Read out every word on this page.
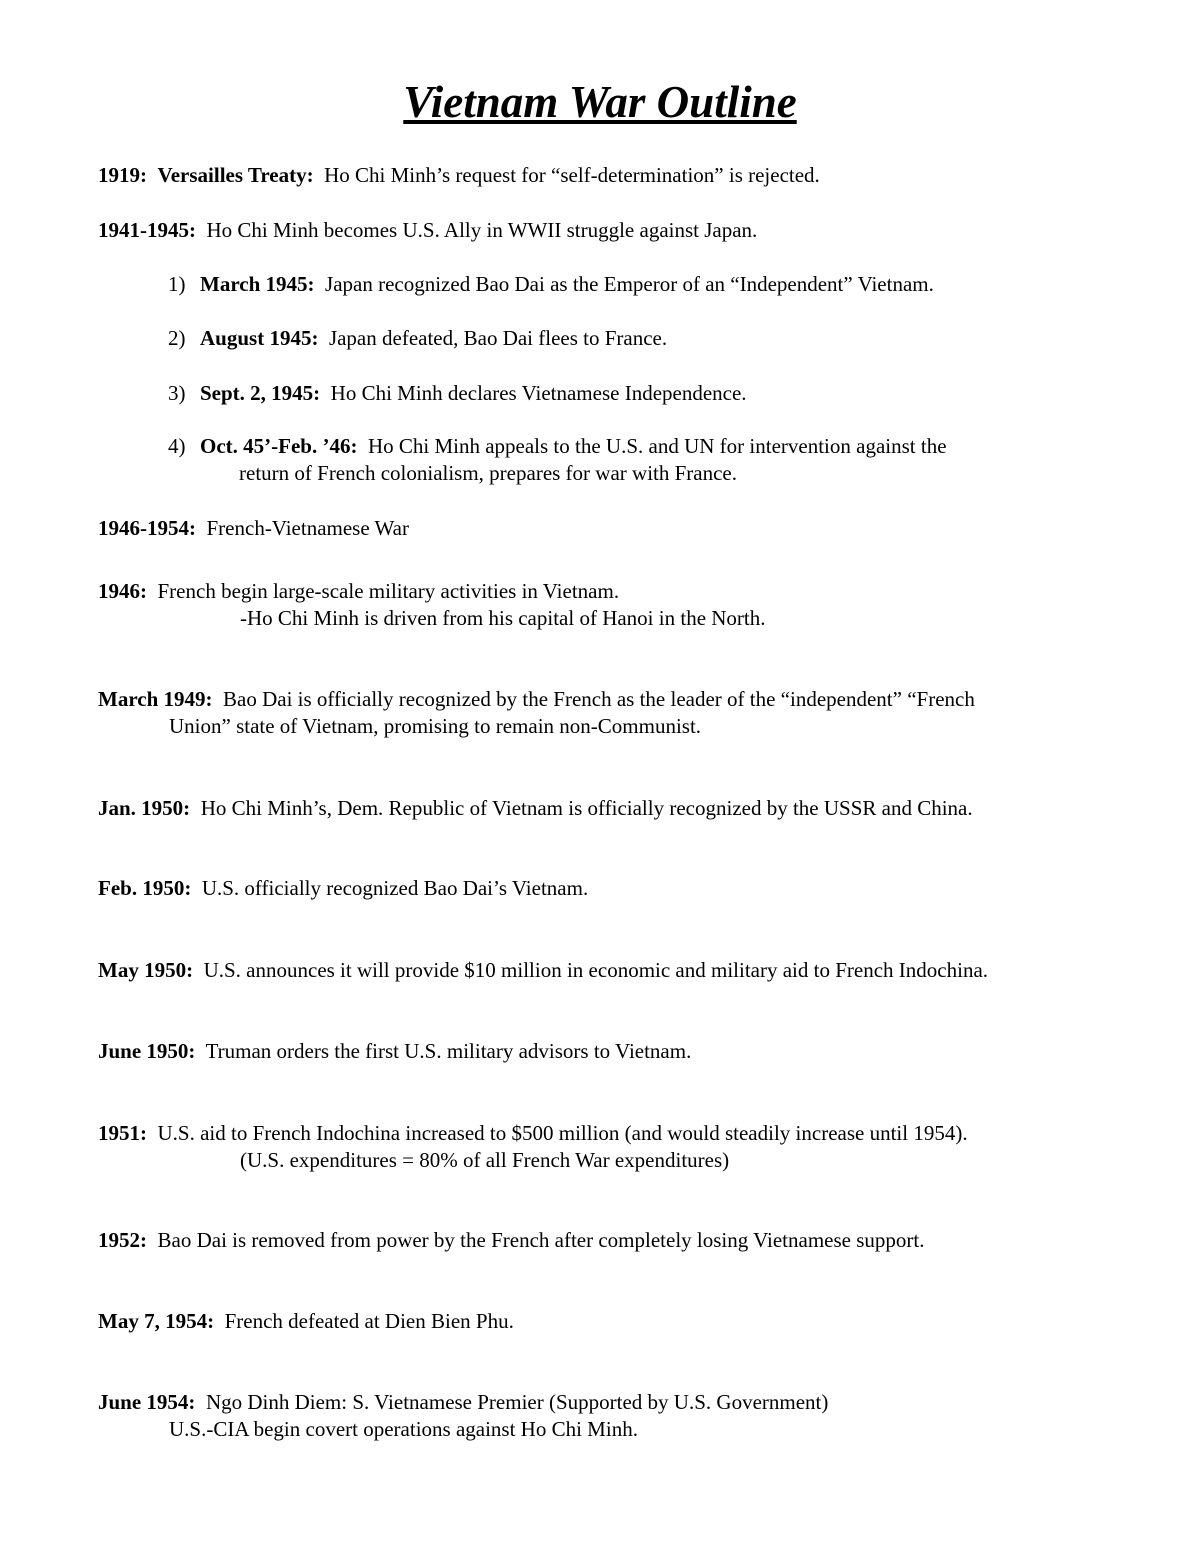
Vietnam War Outline
1919: Versailles Treaty: Ho Chi Minh’s request for “self-determination” is rejected.
1941-1945: Ho Chi Minh becomes U.S. Ally in WWII struggle against Japan.
1) March 1945: Japan recognized Bao Dai as the Emperor of an “Independent” Vietnam.
2) August 1945: Japan defeated, Bao Dai flees to France.
3) Sept. 2, 1945: Ho Chi Minh declares Vietnamese Independence.
4) Oct. 45’-Feb. ’46: Ho Chi Minh appeals to the U.S. and UN for intervention against the
return of French colonialism, prepares for war with France.
1946-1954: French-Vietnamese War
1946: French begin large-scale military activities in Vietnam.
-Ho Chi Minh is driven from his capital of Hanoi in the North.
March 1949: Bao Dai is officially recognized by the French as the leader of the “independent” “French
Union” state of Vietnam, promising to remain non-Communist.
Jan. 1950: Ho Chi Minh’s, Dem. Republic of Vietnam is officially recognized by the USSR and China.
Feb. 1950: U.S. officially recognized Bao Dai’s Vietnam.
May 1950: U.S. announces it will provide $10 million in economic and military aid to French Indochina.
June 1950: Truman orders the first U.S. military advisors to Vietnam.
1951: U.S. aid to French Indochina increased to $500 million (and would steadily increase until 1954).
(U.S. expenditures = 80% of all French War expenditures)
1952: Bao Dai is removed from power by the French after completely losing Vietnamese support.
May 7, 1954: French defeated at Dien Bien Phu.
June 1954: Ngo Dinh Diem: S. Vietnamese Premier (Supported by U.S. Government)
U.S.-CIA begin covert operations against Ho Chi Minh.
